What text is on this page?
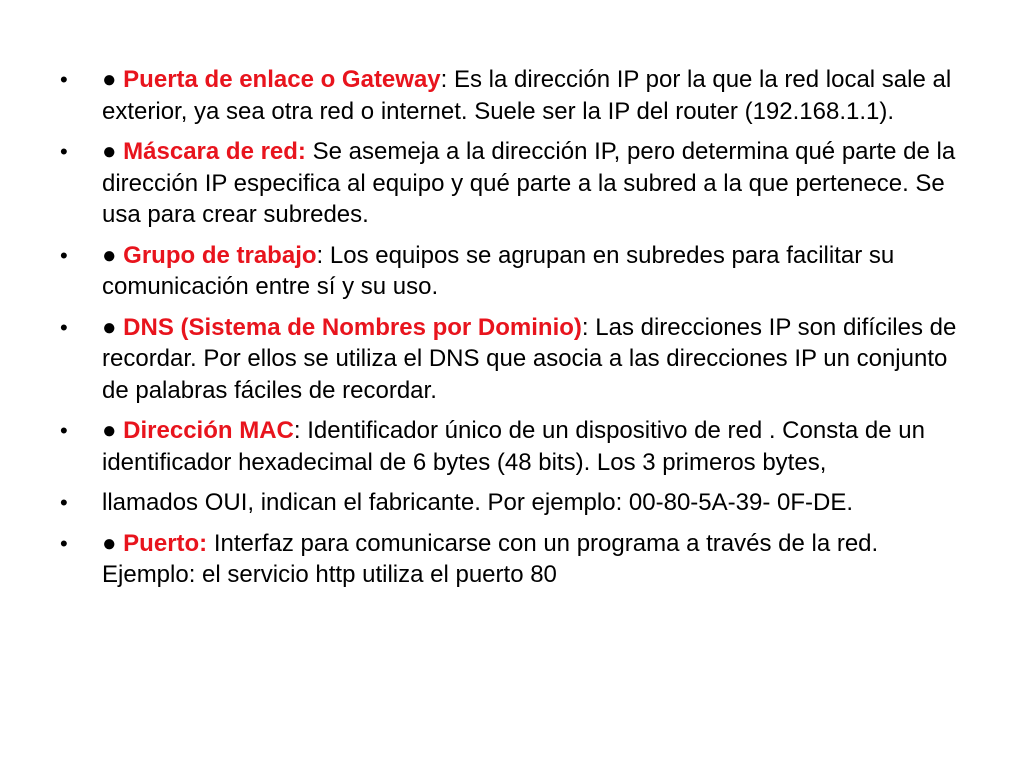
• ● Puerta de enlace o Gateway: Es la dirección IP por la que la red local sale al exterior, ya sea otra red o internet. Suele ser la IP del router (192.168.1.1).
• ● Máscara de red: Se asemeja a la dirección IP, pero determina qué parte de la dirección IP especifica al equipo y qué parte a la subred a la que pertenece. Se usa para crear subredes.
• ● Grupo de trabajo: Los equipos se agrupan en subredes para facilitar su comunicación entre sí y su uso.
• ● DNS (Sistema de Nombres por Dominio): Las direcciones IP son difíciles de recordar. Por ellos se utiliza el DNS que asocia a las direcciones IP un conjunto de palabras fáciles de recordar.
• ● Dirección MAC: Identificador único de un dispositivo de red . Consta de un identificador hexadecimal de 6 bytes (48 bits). Los 3 primeros bytes,
• llamados OUI, indican el fabricante. Por ejemplo: 00-80-5A-39- 0F-DE.
• ● Puerto: Interfaz para comunicarse con un programa a través de la red. Ejemplo: el servicio http utiliza el puerto 80
